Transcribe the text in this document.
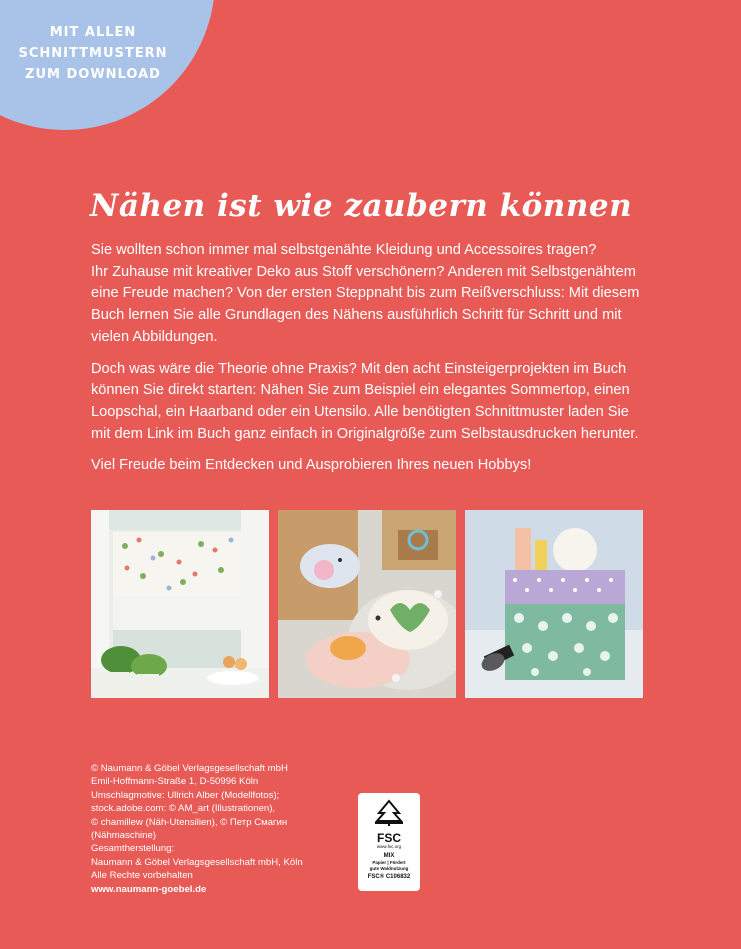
MIT ALLEN
SCHNITTMUSTERN
ZUM DOWNLOAD
Nähen ist wie zaubern können

Sie wollten schon immer mal selbstgenähte Kleidung und Accessoires tragen?
Ihr Zuhause mit kreativer Deko aus Stoff verschönern? Anderen mit Selbstgenähtem
eine Freude machen? Von der ersten Steppnaht bis zum Reißverschluss: Mit diesem
Buch lernen Sie alle Grundlagen des Nähens ausführlich Schritt für Schritt und mit
vielen Abbildungen.

Doch was wäre die Theorie ohne Praxis? Mit den acht Einsteigerprojekten im Buch
können Sie direkt starten: Nähen Sie zum Beispiel ein elegantes Sommertop, einen
Loopschal, ein Haarband oder ein Utensilo. Alle benötigten Schnittmuster laden Sie
mit dem Link im Buch ganz einfach in Originalgröße zum Selbstausdrucken herunter.

Viel Freude beim Entdecken und Ausprobieren Ihres neuen Hobbys!

© Naumann & Göbel Verlagsgesellschaft mbH
Emil-Hoffmann-Straße 1, D-50996 Köln
Umschlagmotive: Ullrich Alber (Modellfotos);
stock.adobe.com: © AM_art (Illustrationen),
© chamillew (Näh-Utensilien), © Петр Смагин
(Nähmaschine)
Gesamtherstellung:
Naumann & Göbel Verlagsgesellschaft mbH, Köln
Alle Rechte vorbehalten
www.naumann-goebel.de
FSC
www.fsc.org
MIX
Papier | Fördert
gute Waldnutzung
FSC® C106832
